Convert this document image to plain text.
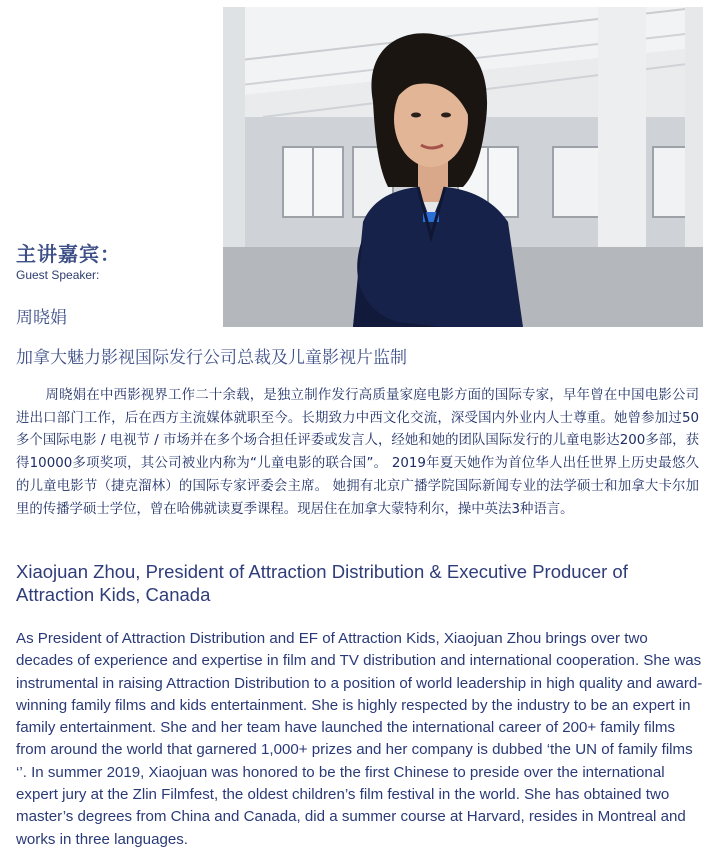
主讲嘉宾：
Guest Speaker:
周晓娟
加拿大魅力影视国际发行公司总裁及儿童影视片监制

周晓娟在中西影视界工作二十余载，是独立制作发行高质量家庭电影方面的国际专家，早年曾在中国电影公司进出口部门工作，后在西方主流媒体就职至今。长期致力中西文化交流，深受国内外业内人士尊重。她曾参加过50多个国际电影 / 电视节 / 市场并在多个场合担任评委或发言人，经她和她的团队国际发行的儿童电影达200多部，获得10000多项奖项，其公司被业内称为“儿童电影的联合国”。 2019年夏天她作为首位华人出任世界上历史最悠久的儿童电影节（捷克溜林）的国际专家评委会主席。 她拥有北京广播学院国际新闻专业的法学硕士和加拿大卡尔加里的传播学硕士学位，曾在哈佛就读夏季课程。现居住在加拿大蒙特利尔，操中英法3种语言。

Xiaojuan Zhou, President of Attraction Distribution & Executive Producer of Attraction Kids, Canada

As President of Attraction Distribution and EF of Attraction Kids, Xiaojuan Zhou brings over two decades of experience and expertise in film and TV distribution and international cooperation. She was instrumental in raising Attraction Distribution to a position of world leadership in high quality and award-winning family films and kids entertainment. She is highly respected by the industry to be an expert in family entertainment. She and her team have launched the international career of 200+ family films from around the world that garnered 1,000+ prizes and her company is dubbed ‘the UN of family films ‘’. In summer 2019, Xiaojuan was honored to be the first Chinese to preside over the international expert jury at the Zlin Filmfest, the oldest children’s film festival in the world. She has obtained two master’s degrees from China and Canada, did a summer course at Harvard, resides in Montreal and works in three languages.
